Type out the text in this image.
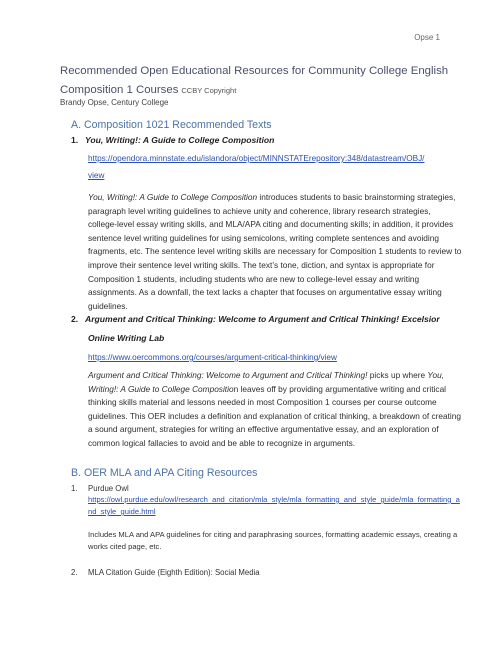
Opse 1
Recommended Open Educational Resources for Community College English Composition 1 Courses CCBY Copyright
Brandy Opse, Century College
A. Composition 1021 Recommended Texts
1. You, Writing!: A Guide to College Composition
https://opendora.minnstate.edu/islandora/object/MINNSTATErepository:348/datastream/OBJ/
view

You, Writing!: A Guide to College Composition introduces students to basic brainstorming strategies, paragraph level writing guidelines to achieve unity and coherence, library research strategies, college-level essay writing skills, and MLA/APA citing and documenting skills; in addition, it provides sentence level writing guidelines for using semicolons, writing complete sentences and avoiding fragments, etc. The sentence level writing skills are necessary for Composition 1 students to review to improve their sentence level writing skills. The text’s tone, diction, and syntax is appropriate for Composition 1 students, including students who are new to college-level essay and writing assignments. As a downfall, the text lacks a chapter that focuses on argumentative essay writing guidelines.

2. Argument and Critical Thinking: Welcome to Argument and Critical Thinking! Excelsior
Online Writing Lab
https://www.oercommons.org/courses/argument-critical-thinking/view

Argument and Critical Thinking: Welcome to Argument and Critical Thinking! picks up where You, Writing!: A Guide to College Composition leaves off by providing argumentative writing and critical thinking skills material and lessons needed in most Composition 1 courses per course outcome guidelines. This OER includes a definition and explanation of critical thinking, a breakdown of creating a sound argument, strategies for writing an effective argumentative essay, and an exploration of common logical fallacies to avoid and be able to recognize in arguments.

B. OER MLA and APA Citing Resources
1. Purdue Owl
https://owl.purdue.edu/owl/research_and_citation/mla_style/mla_formatting_and_style_guide/mla_formatting_and_style_guide.html

Includes MLA and APA guidelines for citing and paraphrasing sources, formatting academic essays, creating a works cited page, etc.

2. MLA Citation Guide (Eighth Edition): Social Media
